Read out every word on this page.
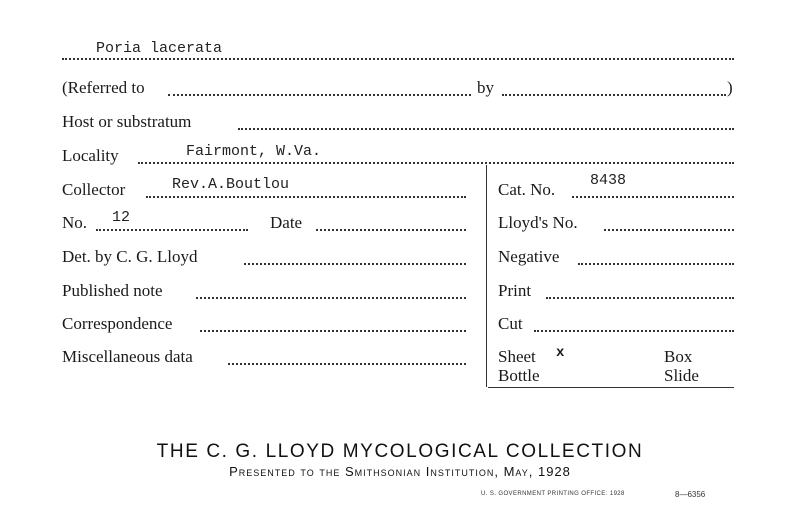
Poria lacerata
(Referred to	by	)
Host or substratum
Locality	Fairmont, W.Va.
Collector	Rev.A.Boutlou
No. 12	Date
Det. by C. G. Lloyd
Published note
Correspondence
Miscellaneous data
Cat. No. 8438
Lloyd's No.
Negative
Print
Cut
Sheet x	Box
Bottle	Slide
THE C. G. LLOYD MYCOLOGICAL COLLECTION
Presented to the Smithsonian Institution, May, 1928
U. S. GOVERNMENT PRINTING OFFICE: 1928	8—6356
